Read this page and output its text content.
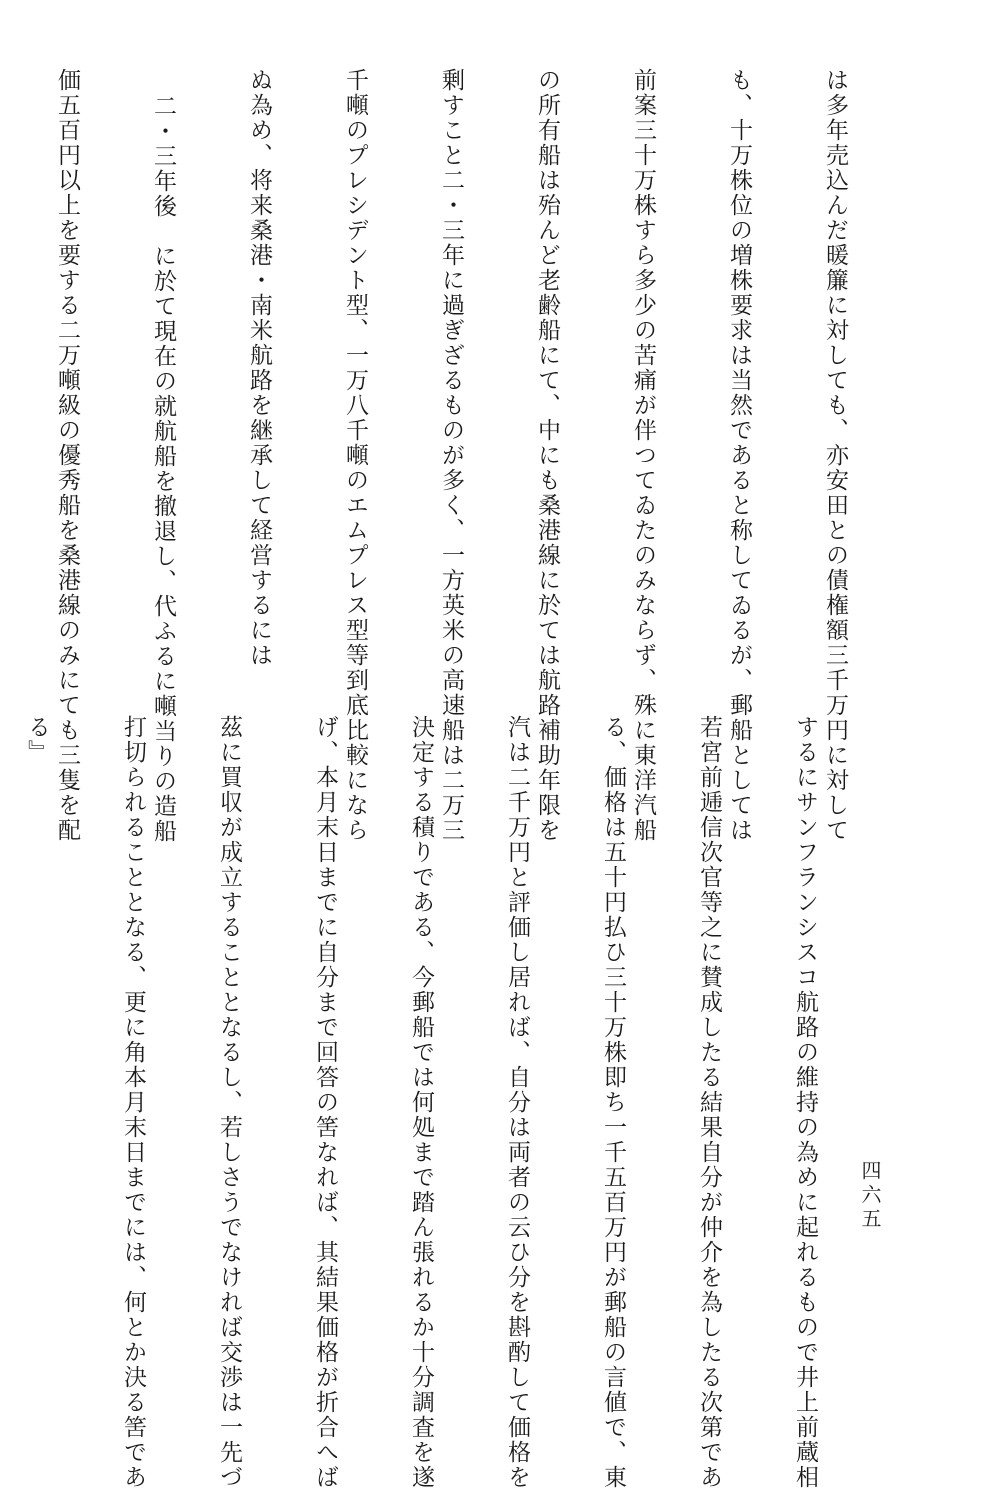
は多年売込んだ暖簾に対しても、亦安田との債権額三千万円に対して

も、十万株位の増株要求は当然であると称してゐるが、郵船としては

前案三十万株すら多少の苦痛が伴つてゐたのみならず、殊に東洋汽船

の所有船は殆んど老齢船にて、中にも桑港線に於ては航路補助年限を

剰すこと二・三年に過ぎざるものが多く、一方英米の高速船は二万三

千噸のプレシデント型、一万八千噸のエムプレス型等到底比較になら

ぬ為め、将来桑港・南米航路を継承して経営するには

二・三年後　に於て現在の就航船を撤退し、代ふるに噸当りの造船

価五百円以上を要する二万噸級の優秀船を桑港線のみにても三隻を配

するにサンフランシスコ航路の維持の為めに起れるもので井上前蔵相

若宮前逓信次官等之に賛成したる結果自分が仲介を為したる次第であ

る、価格は五十円払ひ三十万株即ち一千五百万円が郵船の言値で、東

汽は二千万円と評価し居れば、自分は両者の云ひ分を斟酌して価格を

決定する積りである、今郵船では何処まで踏ん張れるか十分調査を遂

げ、本月末日までに自分まで回答の筈なれば、其結果価格が折合へば

茲に買収が成立することとなるし、若しさうでなければ交渉は一先づ

打切られることとなる、更に角本月末日までには、何とか決る筈であ

る』

四六五
